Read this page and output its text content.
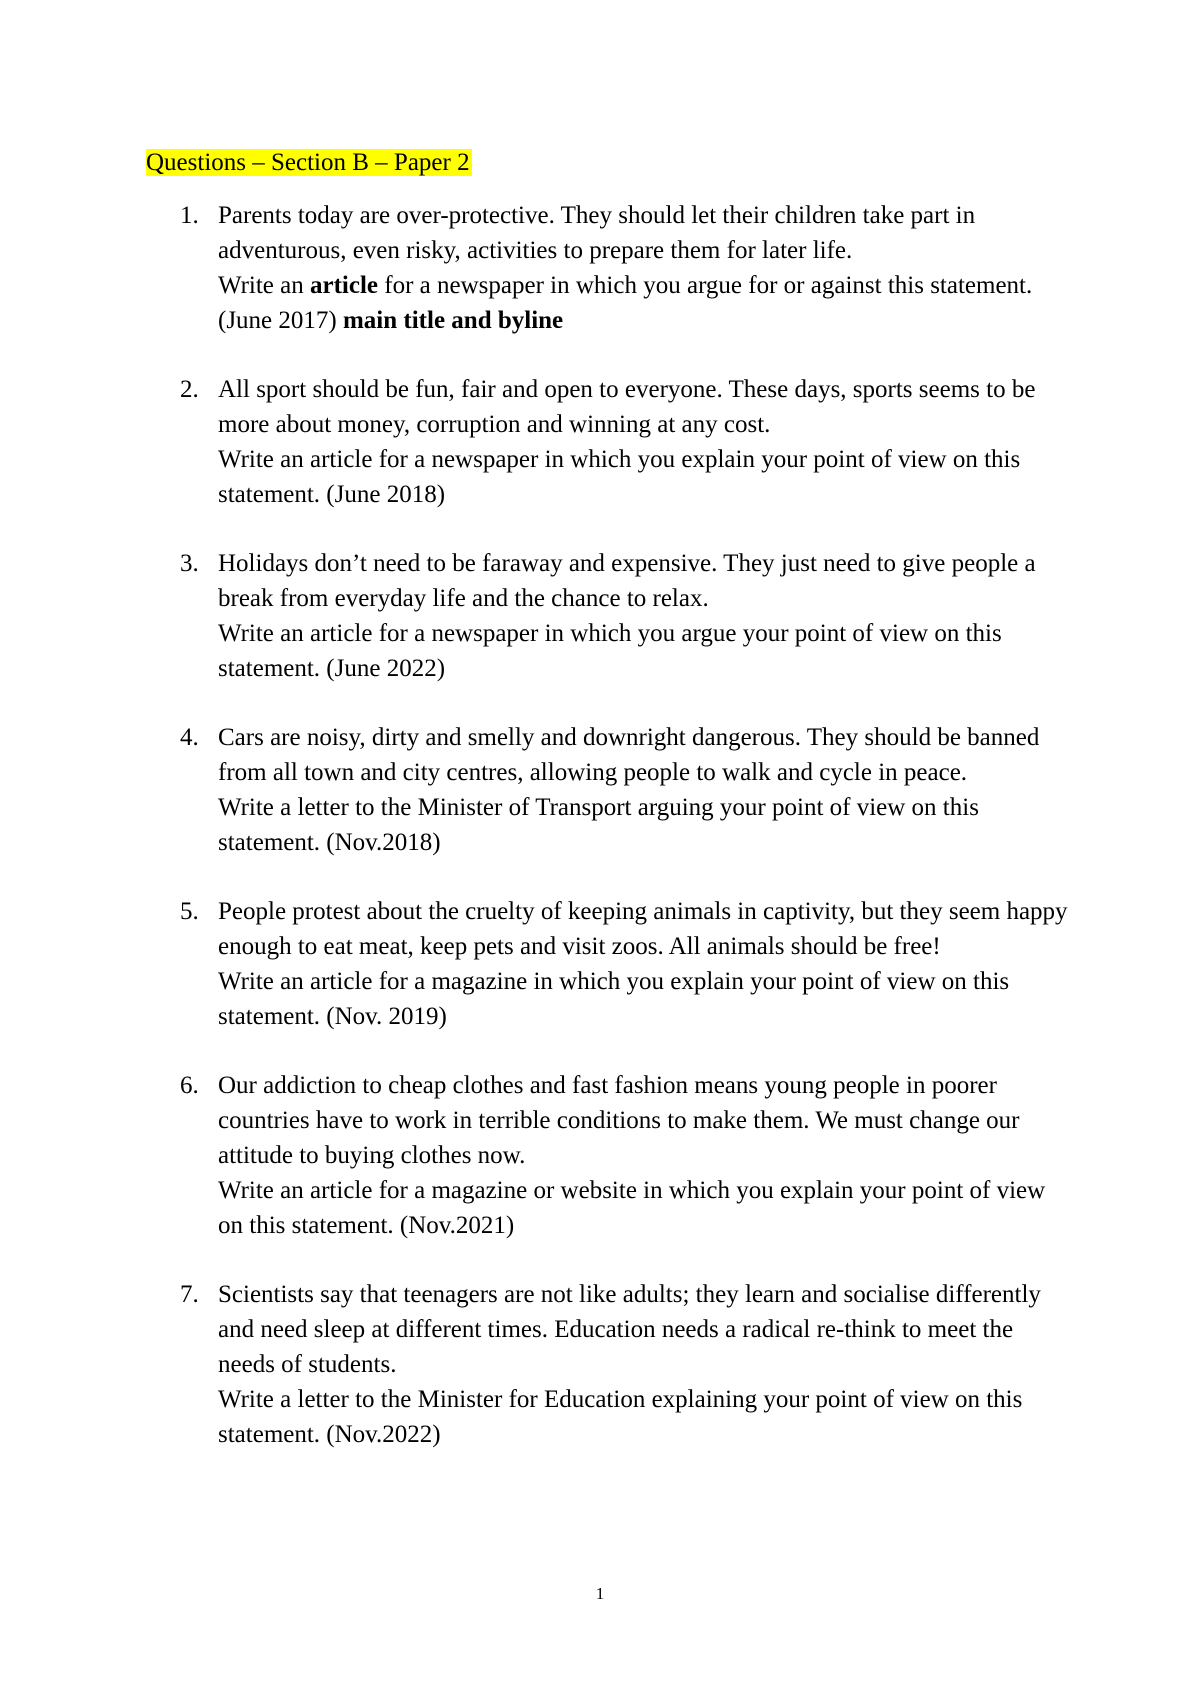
Questions – Section B – Paper 2
1. Parents today are over-protective. They should let their children take part in adventurous, even risky, activities to prepare them for later life.

Write an article for a newspaper in which you argue for or against this statement. (June 2017) main title and byline

2. All sport should be fun, fair and open to everyone. These days, sports seems to be more about money, corruption and winning at any cost.

Write an article for a newspaper in which you explain your point of view on this statement. (June 2018)

3. Holidays don’t need to be faraway and expensive. They just need to give people a break from everyday life and the chance to relax.

Write an article for a newspaper in which you argue your point of view on this statement. (June 2022)

4. Cars are noisy, dirty and smelly and downright dangerous. They should be banned from all town and city centres, allowing people to walk and cycle in peace.

Write a letter to the Minister of Transport arguing your point of view on this statement. (Nov.2018)

5. People protest about the cruelty of keeping animals in captivity, but they seem happy enough to eat meat, keep pets and visit zoos. All animals should be free!

Write an article for a magazine in which you explain your point of view on this statement. (Nov. 2019)

6. Our addiction to cheap clothes and fast fashion means young people in poorer countries have to work in terrible conditions to make them. We must change our attitude to buying clothes now.

Write an article for a magazine or website in which you explain your point of view on this statement. (Nov.2021)

7. Scientists say that teenagers are not like adults; they learn and socialise differently and need sleep at different times. Education needs a radical re-think to meet the needs of students.

Write a letter to the Minister for Education explaining your point of view on this statement. (Nov.2022)

1
